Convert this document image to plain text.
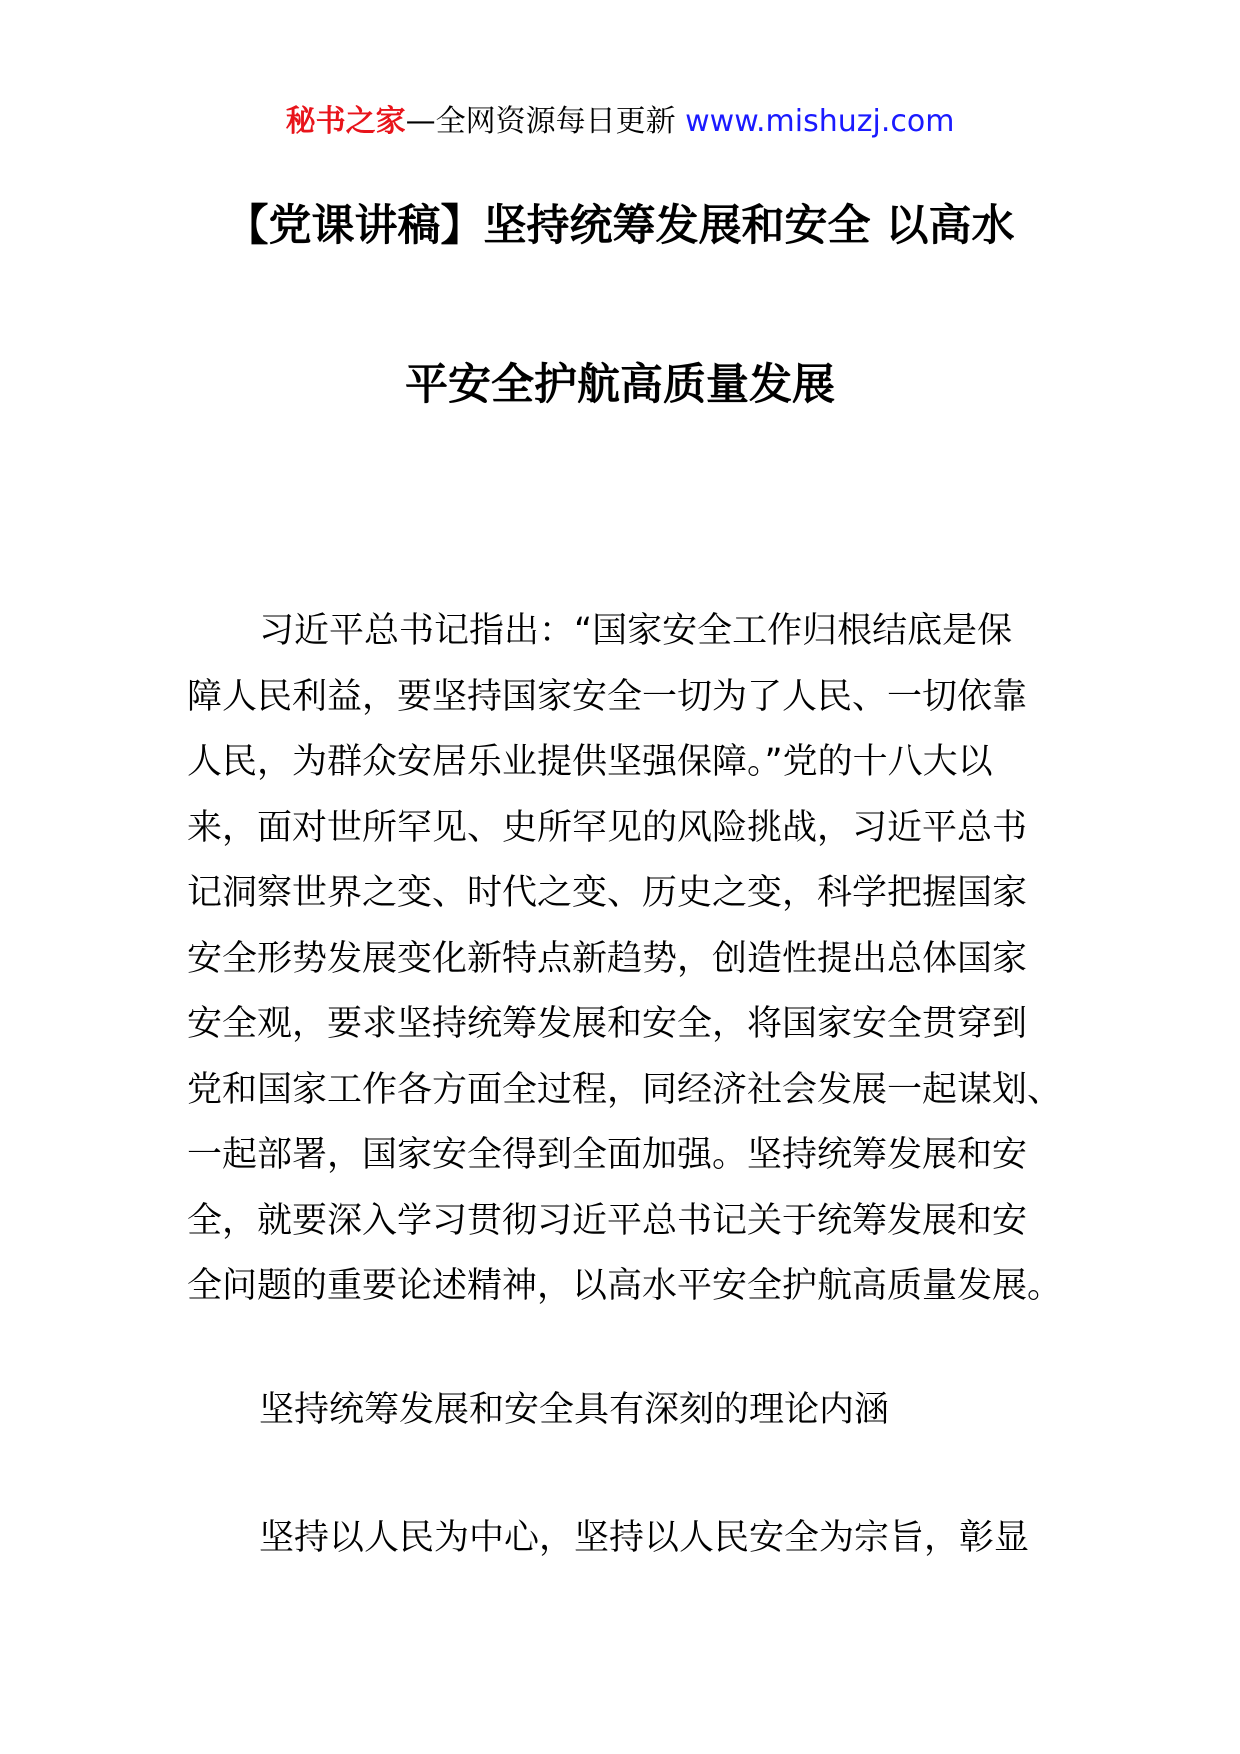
秘书之家—全网资源每日更新 www.mishuzj.com
【党课讲稿】坚持统筹发展和安全 以高水
平安全护航高质量发展
习近平总书记指出：“国家安全工作归根结底是保
障人民利益，要坚持国家安全一切为了人民、一切依靠
人民，为群众安居乐业提供坚强保障。”党的十八大以
来，面对世所罕见、史所罕见的风险挑战，习近平总书
记洞察世界之变、时代之变、历史之变，科学把握国家
安全形势发展变化新特点新趋势，创造性提出总体国家
安全观，要求坚持统筹发展和安全，将国家安全贯穿到
党和国家工作各方面全过程，同经济社会发展一起谋划、
一起部署，国家安全得到全面加强。坚持统筹发展和安
全，就要深入学习贯彻习近平总书记关于统筹发展和安
全问题的重要论述精神，以高水平安全护航高质量发展。
坚持统筹发展和安全具有深刻的理论内涵
坚持以人民为中心，坚持以人民安全为宗旨，彰显
